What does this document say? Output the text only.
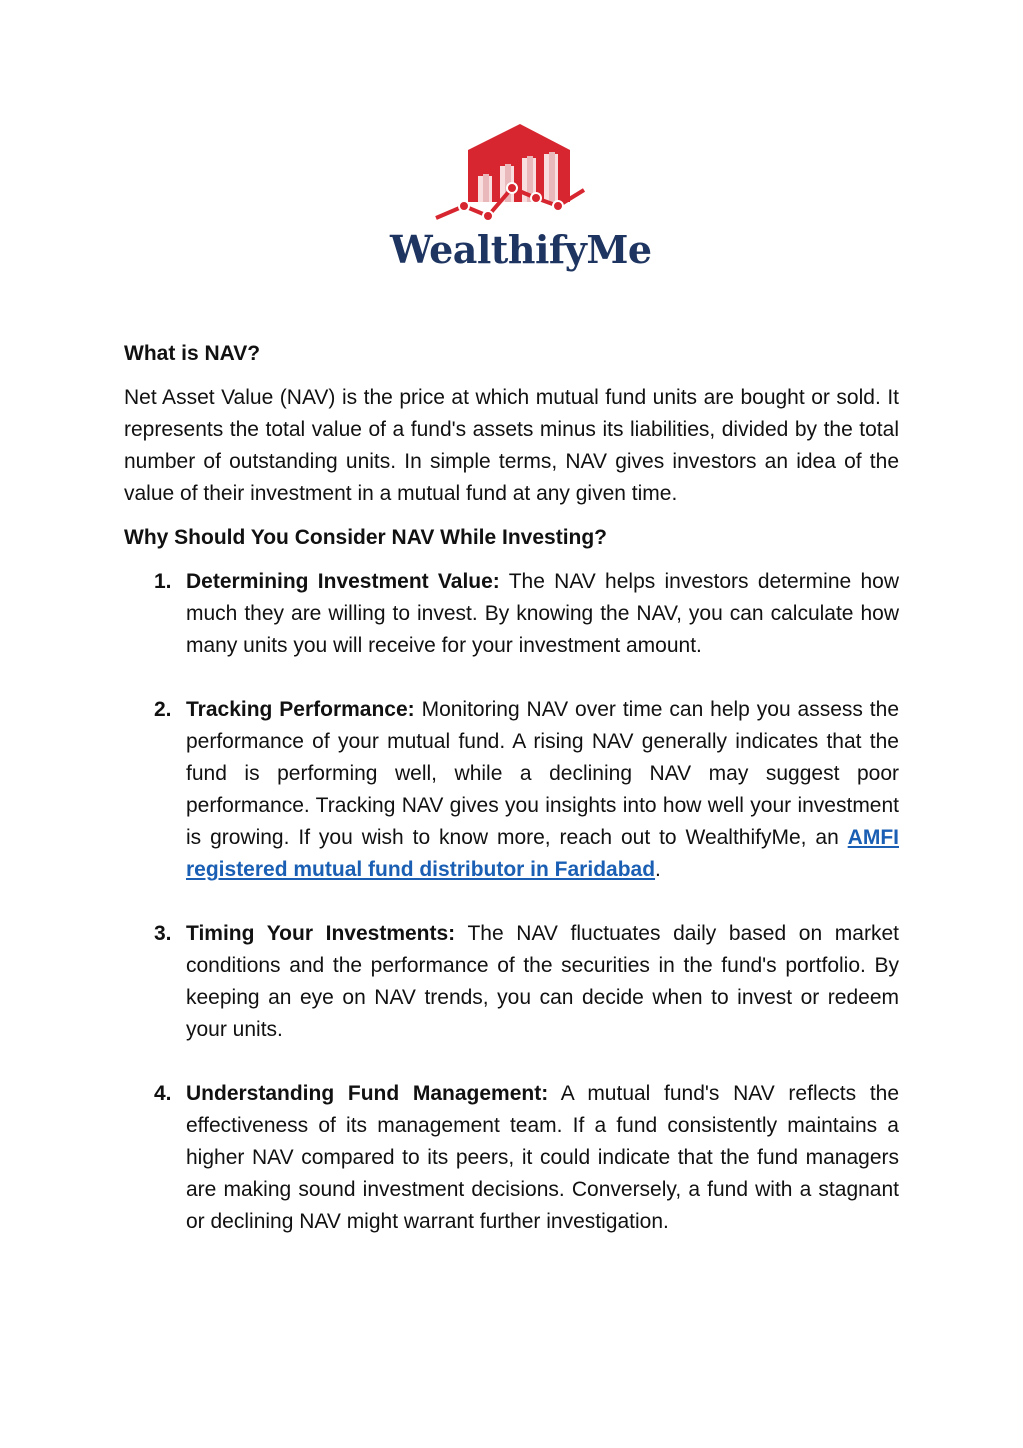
WealthifyMe
What is NAV?
Net Asset Value (NAV) is the price at which mutual fund units are bought or sold. It represents the total value of a fund's assets minus its liabilities, divided by the total number of outstanding units. In simple terms, NAV gives investors an idea of the value of their investment in a mutual fund at any given time.
Why Should You Consider NAV While Investing?
1. Determining Investment Value: The NAV helps investors determine how much they are willing to invest. By knowing the NAV, you can calculate how many units you will receive for your investment amount.
2. Tracking Performance: Monitoring NAV over time can help you assess the performance of your mutual fund. A rising NAV generally indicates that the fund is performing well, while a declining NAV may suggest poor performance. Tracking NAV gives you insights into how well your investment is growing. If you wish to know more, reach out to WealthifyMe, an AMFI registered mutual fund distributor in Faridabad.
3. Timing Your Investments: The NAV fluctuates daily based on market conditions and the performance of the securities in the fund's portfolio. By keeping an eye on NAV trends, you can decide when to invest or redeem your units.
4. Understanding Fund Management: A mutual fund's NAV reflects the effectiveness of its management team. If a fund consistently maintains a higher NAV compared to its peers, it could indicate that the fund managers are making sound investment decisions. Conversely, a fund with a stagnant or declining NAV might warrant further investigation.
